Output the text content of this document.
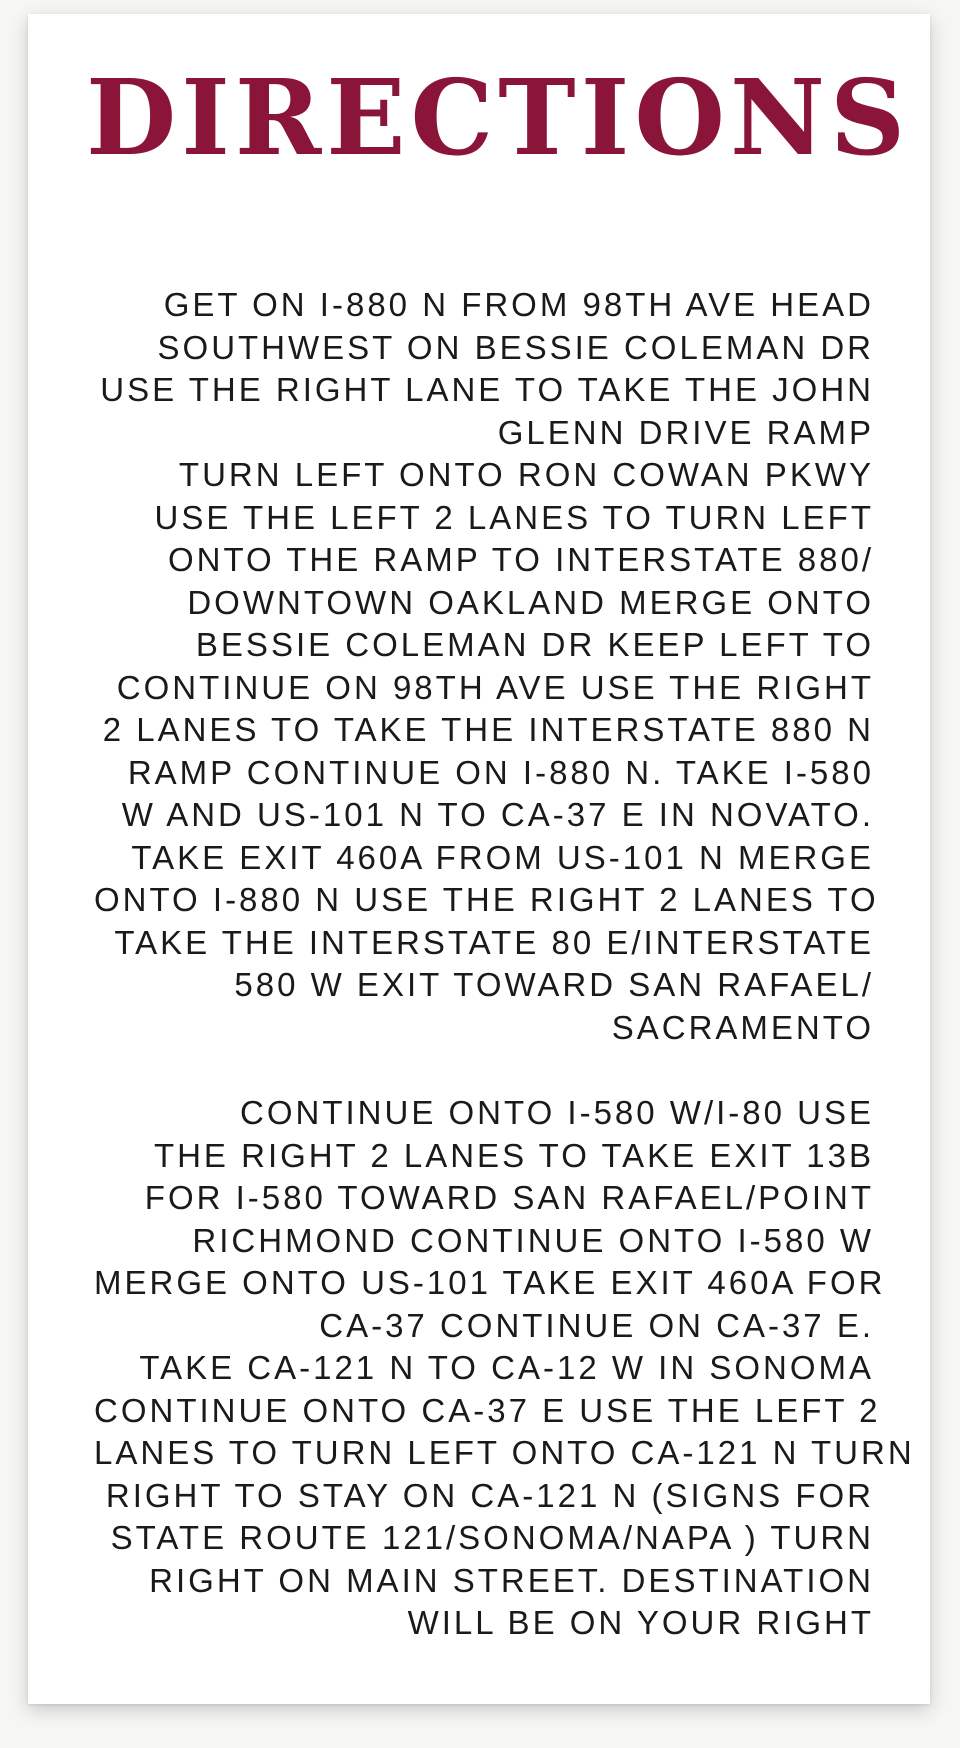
DIRECTIONS
GET ON I-880 N FROM 98TH AVE HEAD
SOUTHWEST ON BESSIE COLEMAN DR
USE THE RIGHT LANE TO TAKE THE JOHN
GLENN DRIVE RAMP
TURN LEFT ONTO RON COWAN PKWY
USE THE LEFT 2 LANES TO TURN LEFT
ONTO THE RAMP TO INTERSTATE 880/
DOWNTOWN OAKLAND MERGE ONTO
BESSIE COLEMAN DR KEEP LEFT TO
CONTINUE ON 98TH AVE USE THE RIGHT
2 LANES TO TAKE THE INTERSTATE 880 N
RAMP CONTINUE ON I-880 N. TAKE I-580
W AND US-101 N TO CA-37 E IN NOVATO.
TAKE EXIT 460A FROM US-101 N MERGE
ONTO I-880 N USE THE RIGHT 2 LANES TO
TAKE THE INTERSTATE 80 E/INTERSTATE
580 W EXIT TOWARD SAN RAFAEL/
SACRAMENTO
CONTINUE ONTO I-580 W/I-80 USE
THE RIGHT 2 LANES TO TAKE EXIT 13B
FOR I-580 TOWARD SAN RAFAEL/POINT
RICHMOND CONTINUE ONTO I-580 W
MERGE ONTO US-101 TAKE EXIT 460A FOR
CA-37 CONTINUE ON CA-37 E.
TAKE CA-121 N TO CA-12 W IN SONOMA
CONTINUE ONTO CA-37 E USE THE LEFT 2
LANES TO TURN LEFT ONTO CA-121 N TURN
RIGHT TO STAY ON CA-121 N (SIGNS FOR
STATE ROUTE 121/SONOMA/NAPA ) TURN
RIGHT ON MAIN STREET. DESTINATION
WILL BE ON YOUR RIGHT
